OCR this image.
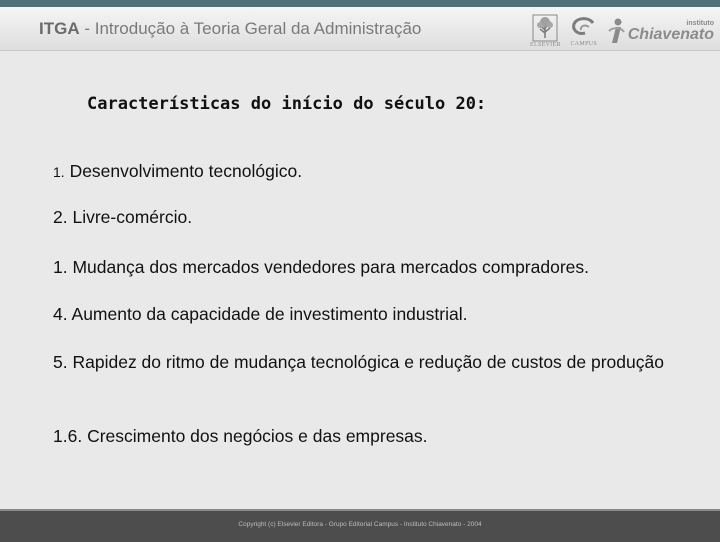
ITGA - Introdução à Teoria Geral da Administração
ELSEVIER CAMPUS
instituto
Chiavenato
Características do início do século 20:
1. Desenvolvimento tecnológico.
2. Livre-comércio.
1. Mudança dos mercados vendedores para mercados compradores.
4. Aumento da capacidade de investimento industrial.
5. Rapidez do ritmo de mudança tecnológica e redução de custos de produção
1.6. Crescimento dos negócios e das empresas.
Copyright (c) Elsevier Editora - Grupo Editorial Campus - Instituto Chiavenato - 2004
